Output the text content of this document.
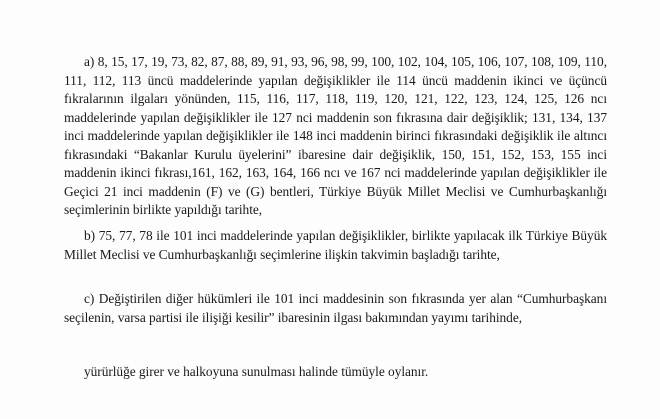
a) 8, 15, 17, 19, 73, 82, 87, 88, 89, 91, 93, 96, 98, 99, 100, 102, 104, 105, 106, 107, 108, 109, 110, 111, 112, 113 üncü maddelerinde yapılan değişiklikler ile 114 üncü maddenin ikinci ve üçüncü fıkralarının ilgaları yönünden, 115, 116, 117, 118, 119, 120, 121, 122, 123, 124, 125, 126 ncı maddelerinde yapılan değişiklikler ile 127 nci maddenin son fıkrasına dair değişiklik; 131, 134, 137 inci maddelerinde yapılan değişiklikler ile 148 inci maddenin birinci fıkrasındaki değişiklik ile altıncı fıkrasındaki “Bakanlar Kurulu üyelerini” ibaresine dair değişiklik, 150, 151, 152, 153, 155 inci maddenin ikinci fıkrası,161, 162, 163, 164, 166 ncı ve 167 nci maddelerinde yapılan değişiklikler ile Geçici 21 inci maddenin (F) ve (G) bentleri, Türkiye Büyük Millet Meclisi ve Cumhurbaşkanlığı seçimlerinin birlikte yapıldığı tarihte,

b) 75, 77, 78 ile 101 inci maddelerinde yapılan değişiklikler, birlikte yapılacak ilk Türkiye Büyük Millet Meclisi ve Cumhurbaşkanlığı seçimlerine ilişkin takvimin başladığı tarihte,

c) Değiştirilen diğer hükümleri ile 101 inci maddesinin son fıkrasında yer alan “Cumhurbaşkanı seçilenin, varsa partisi ile ilişiği kesilir” ibaresinin ilgası bakımından yayımı tarihinde,

yürürlüğe girer ve halkoyuna sunulması halinde tümüyle oylanır.
